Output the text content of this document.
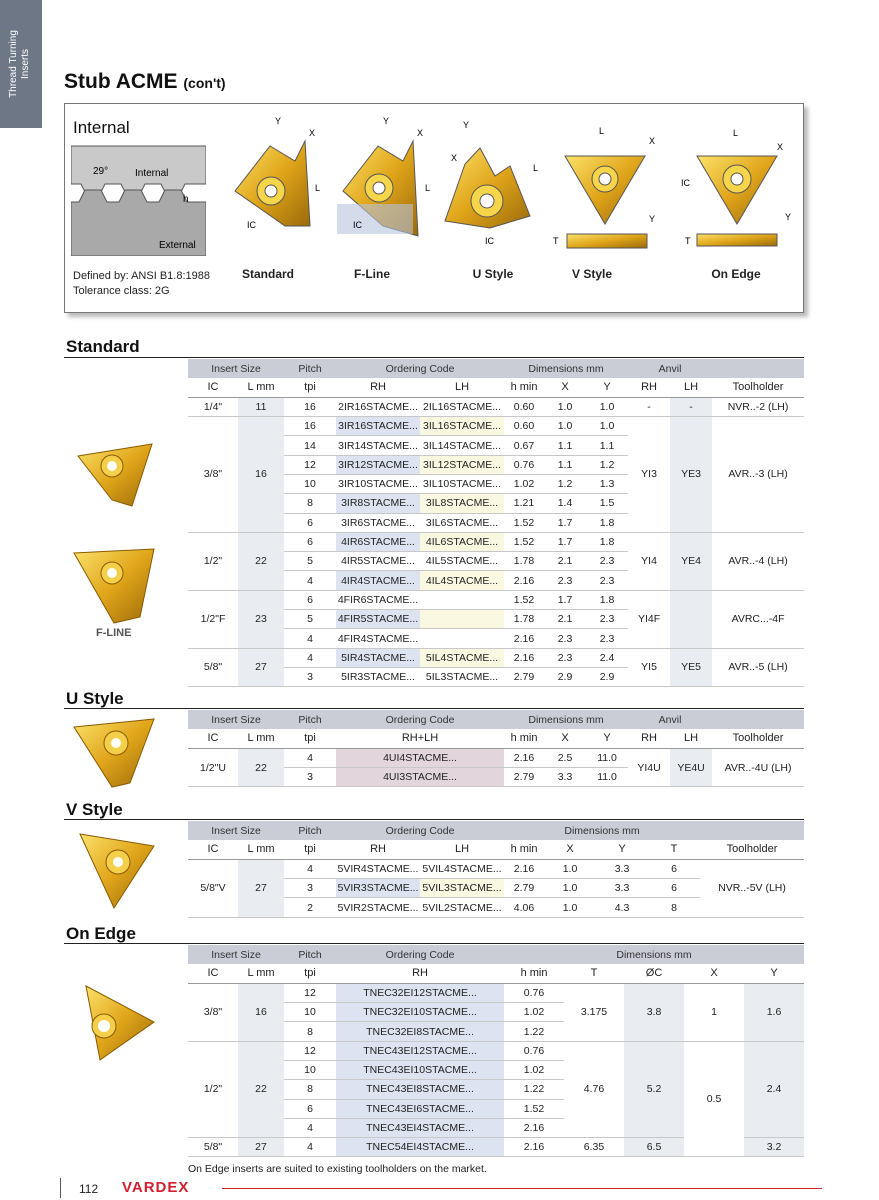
Thread Turning
Inserts
Stub ACME (con't)
Internal
29°	Internal
h
External
Defined by: ANSI B1.8:1988
Tolerance class: 2G
Y
X
L
IC
Y
X
L
IC
Y
X
L
IC
L
X
Y
T
L
X
IC
Y
T
Standard	F-Line	U Style	V Style	On Edge
Standard
F-LINE
Insert Size		Pitch	Ordering Code		Dimensions mm			Anvil		
IC	L mm	tpi	RH	LH	h min	X	Y	RH	LH	Toolholder
1/4"	11	16	2IR16STACME...	2IL16STACME...	0.60	1.0	1.0	-	-	NVR..-2 (LH)
3/8"	16	16	3IR16STACME...	3IL16STACME...	0.60	1.0	1.0	YI3	YE3	AVR..-3 (LH)
		14	3IR14STACME...	3IL14STACME...	0.67	1.1	1.1			
		12	3IR12STACME...	3IL12STACME...	0.76	1.1	1.2			
		10	3IR10STACME...	3IL10STACME...	1.02	1.2	1.3			
		8	3IR8STACME...	3IL8STACME...	1.21	1.4	1.5			
		6	3IR6STACME...	3IL6STACME...	1.52	1.7	1.8			
1/2"	22	6	4IR6STACME...	4IL6STACME...	1.52	1.7	1.8	YI4	YE4	AVR..-4 (LH)
		5	4IR5STACME...	4IL5STACME...	1.78	2.1	2.3			
		4	4IR4STACME...	4IL4STACME...	2.16	2.3	2.3			
1/2"F	23	6	4FIR6STACME...		1.52	1.7	1.8	YI4F		AVRC...-4F
		5	4FIR5STACME...		1.78	2.1	2.3			
		4	4FIR4STACME...		2.16	2.3	2.3			
5/8"	27	4	5IR4STACME...	5IL4STACME...	2.16	2.3	2.4	YI5	YE5	AVR..-5 (LH)
		3	5IR3STACME...	5IL3STACME...	2.79	2.9	2.9			
U Style
Insert Size		Pitch	Ordering Code	Dimensions mm			Anvil		
IC	L mm	tpi	RH+LH	h min	X	Y	RH	LH	Toolholder
1/2"U	22	4	4UI4STACME...	2.16	2.5	11.0	YI4U	YE4U	AVR..-4U (LH)
		3	4UI3STACME...	2.79	3.3	11.0			
V Style
Insert Size		Pitch	Ordering Code		Dimensions mm				
IC	L mm	tpi	RH	LH	h min	X	Y	T	Toolholder
5/8"V	27	4	5VIR4STACME...	5VIL4STACME...	2.16	1.0	3.3	6	NVR..-5V (LH)
		3	5VIR3STACME...	5VIL3STACME...	2.79	1.0	3.3	6	
		2	5VIR2STACME...	5VIL2STACME...	4.06	1.0	4.3	8	
On Edge
Insert Size		Pitch	Ordering Code	Dimensions mm				
IC	L mm	tpi	RH	h min	T	ØC	X	Y
3/8"	16	12	TNEC32EI12STACME...	0.76	3.175	3.8	1	1.6
		10	TNEC32EI10STACME...	1.02				
		8	TNEC32EI8STACME...	1.22				
1/2"	22	12	TNEC43EI12STACME...	0.76	4.76	5.2	0.5	2.4
		10	TNEC43EI10STACME...	1.02				
		8	TNEC43EI8STACME...	1.22				
		6	TNEC43EI6STACME...	1.52				
		4	TNEC43EI4STACME...	2.16				
5/8"	27	4	TNEC54EI4STACME...	2.16	6.35	6.5		3.2
On Edge inserts are suited to existing toolholders on the market.
112 VARDEX
